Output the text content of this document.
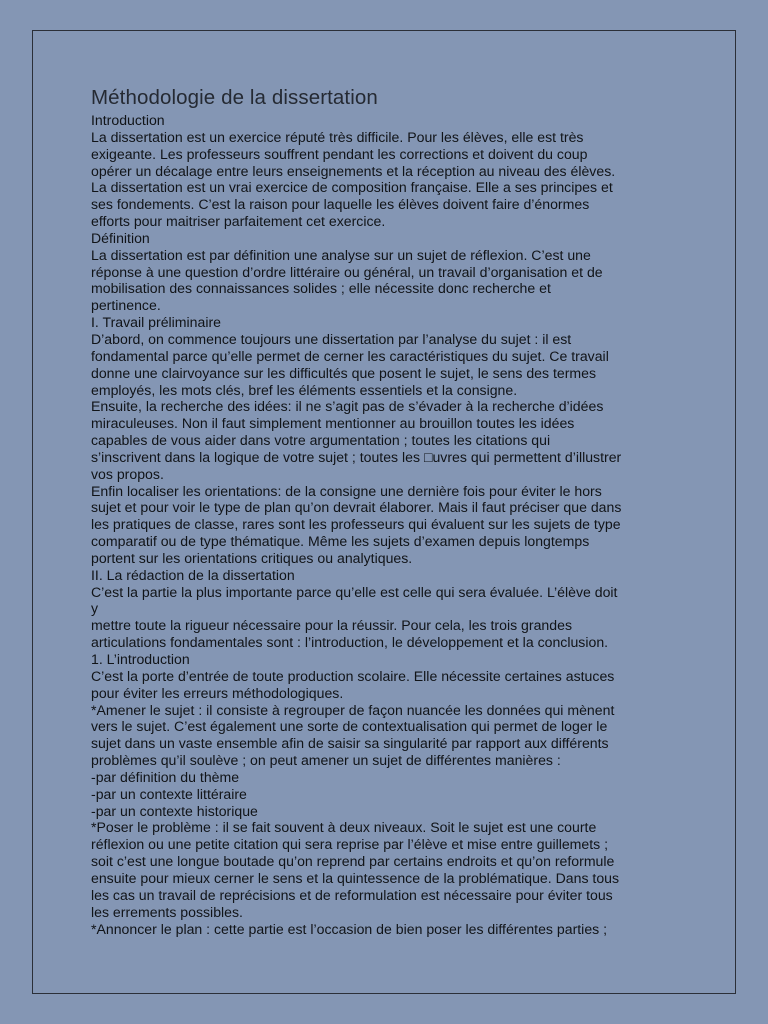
Méthodologie de la dissertation
Introduction
La dissertation est un exercice réputé très difficile. Pour les élèves, elle est très
exigeante. Les professeurs souffrent pendant les corrections et doivent du coup
opérer un décalage entre leurs enseignements et la réception au niveau des élèves.
La dissertation est un vrai exercice de composition française. Elle a ses principes et
ses fondements. C’est la raison pour laquelle les élèves doivent faire d’énormes
efforts pour maitriser parfaitement cet exercice.
Définition
La dissertation est par définition une analyse sur un sujet de réflexion. C’est une
réponse à une question d’ordre littéraire ou général, un travail d’organisation et de
mobilisation des connaissances solides ; elle nécessite donc recherche et
pertinence.
I. Travail préliminaire
D’abord, on commence toujours une dissertation par l’analyse du sujet : il est
fondamental parce qu’elle permet de cerner les caractéristiques du sujet. Ce travail
donne une clairvoyance sur les difficultés que posent le sujet, le sens des termes
employés, les mots clés, bref les éléments essentiels et la consigne.
Ensuite, la recherche des idées: il ne s’agit pas de s’évader à la recherche d’idées
miraculeuses. Non il faut simplement mentionner au brouillon toutes les idées
capables de vous aider dans votre argumentation ; toutes les citations qui
s’inscrivent dans la logique de votre sujet ; toutes les □uvres qui permettent d’illustrer
vos propos.
Enfin localiser les orientations: de la consigne une dernière fois pour éviter le hors
sujet et pour voir le type de plan qu’on devrait élaborer. Mais il faut préciser que dans
les pratiques de classe, rares sont les professeurs qui évaluent sur les sujets de type
comparatif ou de type thématique. Même les sujets d’examen depuis longtemps
portent sur les orientations critiques ou analytiques.
II. La rédaction de la dissertation
C’est la partie la plus importante parce qu’elle est celle qui sera évaluée. L’élève doit
y
mettre toute la rigueur nécessaire pour la réussir. Pour cela, les trois grandes
articulations fondamentales sont : l’introduction, le développement et la conclusion.
1. L’introduction
C’est la porte d’entrée de toute production scolaire. Elle nécessite certaines astuces
pour éviter les erreurs méthodologiques.
*Amener le sujet : il consiste à regrouper de façon nuancée les données qui mènent
vers le sujet. C’est également une sorte de contextualisation qui permet de loger le
sujet dans un vaste ensemble afin de saisir sa singularité par rapport aux différents
problèmes qu’il soulève ; on peut amener un sujet de différentes manières :
-par définition du thème
-par un contexte littéraire
-par un contexte historique
*Poser le problème : il se fait souvent à deux niveaux. Soit le sujet est une courte
réflexion ou une petite citation qui sera reprise par l’élève et mise entre guillemets ;
soit c’est une longue boutade qu’on reprend par certains endroits et qu’on reformule
ensuite pour mieux cerner le sens et la quintessence de la problématique. Dans tous
les cas un travail de reprécisions et de reformulation est nécessaire pour éviter tous
les errements possibles.
*Annoncer le plan : cette partie est l’occasion de bien poser les différentes parties ;
